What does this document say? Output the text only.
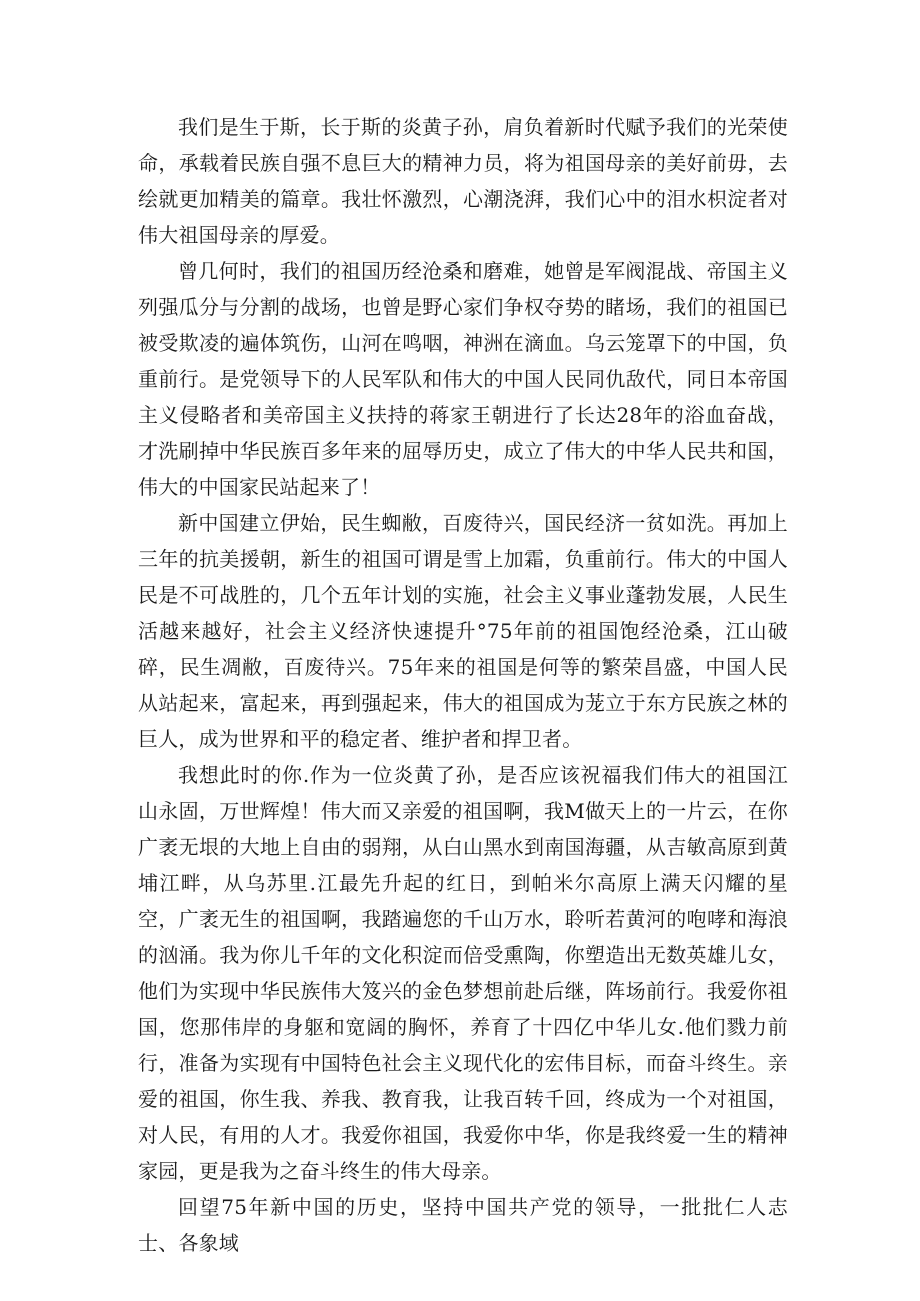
我们是生于斯，长于斯的炎黄子孙，肩负着新时代赋予我们的光荣使命，承载着民族自强不息巨大的精神力员，将为祖国母亲的美好前毋，去绘就更加精美的篇章。我壮怀激烈，心潮浇湃，我们心中的泪水枳淀者对伟大祖国母亲的厚爱。

曾几何时，我们的祖国历经沧桑和磨难，她曾是军阀混战、帝国主义列强瓜分与分割的战场，也曾是野心家们争权夺势的睹场，我们的祖国已被受欺凌的遍体筑伤，山河在鸣咽，神洲在滴血。乌云笼罩下的中国，负重前行。是党领导下的人民军队和伟大的中国人民同仇敌代，同日本帝国主义侵略者和美帝国主义扶持的蒋家王朝进行了长达28年的浴血奋战，才洗刷掉中华民族百多年来的屈辱历史，成立了伟大的中华人民共和国，伟大的中国家民站起来了！

新中国建立伊始，民生蜘敝，百废待兴，国民经济一贫如洗。再加上三年的抗美援朝，新生的祖国可谓是雪上加霜，负重前行。伟大的中国人民是不可战胜的，几个五年计划的实施，社会主义事业蓬勃发展，人民生活越来越好，社会主义经济快速提升°75年前的祖国饱经沧桑，江山破碎，民生凋敝，百废待兴。75年来的祖国是何等的繁荣昌盛，中国人民从站起来，富起来，再到强起来，伟大的祖国成为茏立于东方民族之林的巨人，成为世界和平的稳定者、维护者和捍卫者。

我想此时的你.作为一位炎黄了孙，是否应该祝福我们伟大的祖国江山永固，万世辉煌！伟大而又亲爱的祖国啊，我M做天上的一片云，在你广袤无垠的大地上自由的弱翔，从白山黑水到南国海疆，从吉敏高原到黄埔江畔，从乌苏里.江最先升起的红日，到帕米尔高原上满天闪耀的星空，广袤无生的祖国啊，我踏遍您的千山万水，聆听若黄河的咆哮和海浪的汹涌。我为你儿千年的文化积淀而倍受熏陶，你塑造出无数英雄儿女，他们为实现中华民族伟大笈兴的金色梦想前赴后继，阵场前行。我爱你祖国，您那伟岸的身躯和宽阔的胸怀，养育了十四亿中华儿女.他们戮力前行，准备为实现有中国特色社会主义现代化的宏伟目标，而奋斗终生。亲爱的祖国，你生我、养我、教育我，让我百转千回，终成为一个对祖国，对人民，有用的人才。我爱你祖国，我爱你中华，你是我终爱一生的精神家园，更是我为之奋斗终生的伟大母亲。

回望75年新中国的历史，坚持中国共产党的领导，一批批仁人志士、各象域
